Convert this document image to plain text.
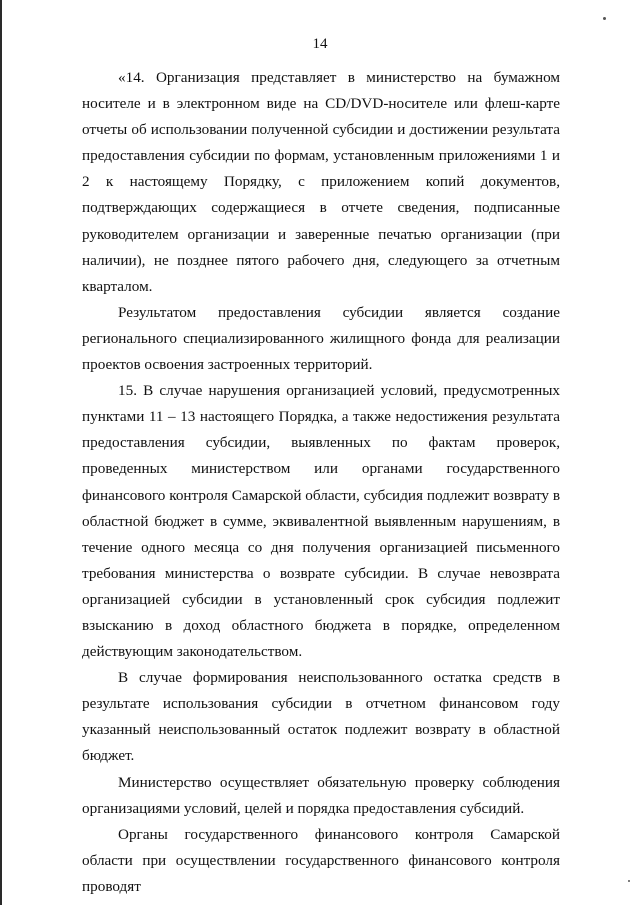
14

«14. Организация представляет в министерство на бумажном носителе и в электронном виде на CD/DVD-носителе или флеш-карте отчеты об использовании полученной субсидии и достижении результата предоставления субсидии по формам, установленным приложениями 1 и 2 к настоящему Порядку, с приложением копий документов, подтверждающих содержащиеся в отчете сведения, подписанные руководителем организации и заверенные печатью организации (при наличии), не позднее пятого рабочего дня, следующего за отчетным кварталом.

Результатом предоставления субсидии является создание регионального специализированного жилищного фонда для реализации проектов освоения застроенных территорий.

15. В случае нарушения организацией условий, предусмотренных пунктами 11 – 13 настоящего Порядка, а также недостижения результата предоставления субсидии, выявленных по фактам проверок, проведенных министерством или органами государственного финансового контроля Самарской области, субсидия подлежит возврату в областной бюджет в сумме, эквивалентной выявленным нарушениям, в течение одного месяца со дня получения организацией письменного требования министерства о возврате субсидии. В случае невозврата организацией субсидии в установленный срок субсидия подлежит взысканию в доход областного бюджета в порядке, определенном действующим законодательством.

В случае формирования неиспользованного остатка средств в результате использования субсидии в отчетном финансовом году указанный неиспользованный остаток подлежит возврату в областной бюджет.

Министерство осуществляет обязательную проверку соблюдения организациями условий, целей и порядка предоставления субсидий.

Органы государственного финансового контроля Самарской области при осуществлении государственного финансового контроля проводят
